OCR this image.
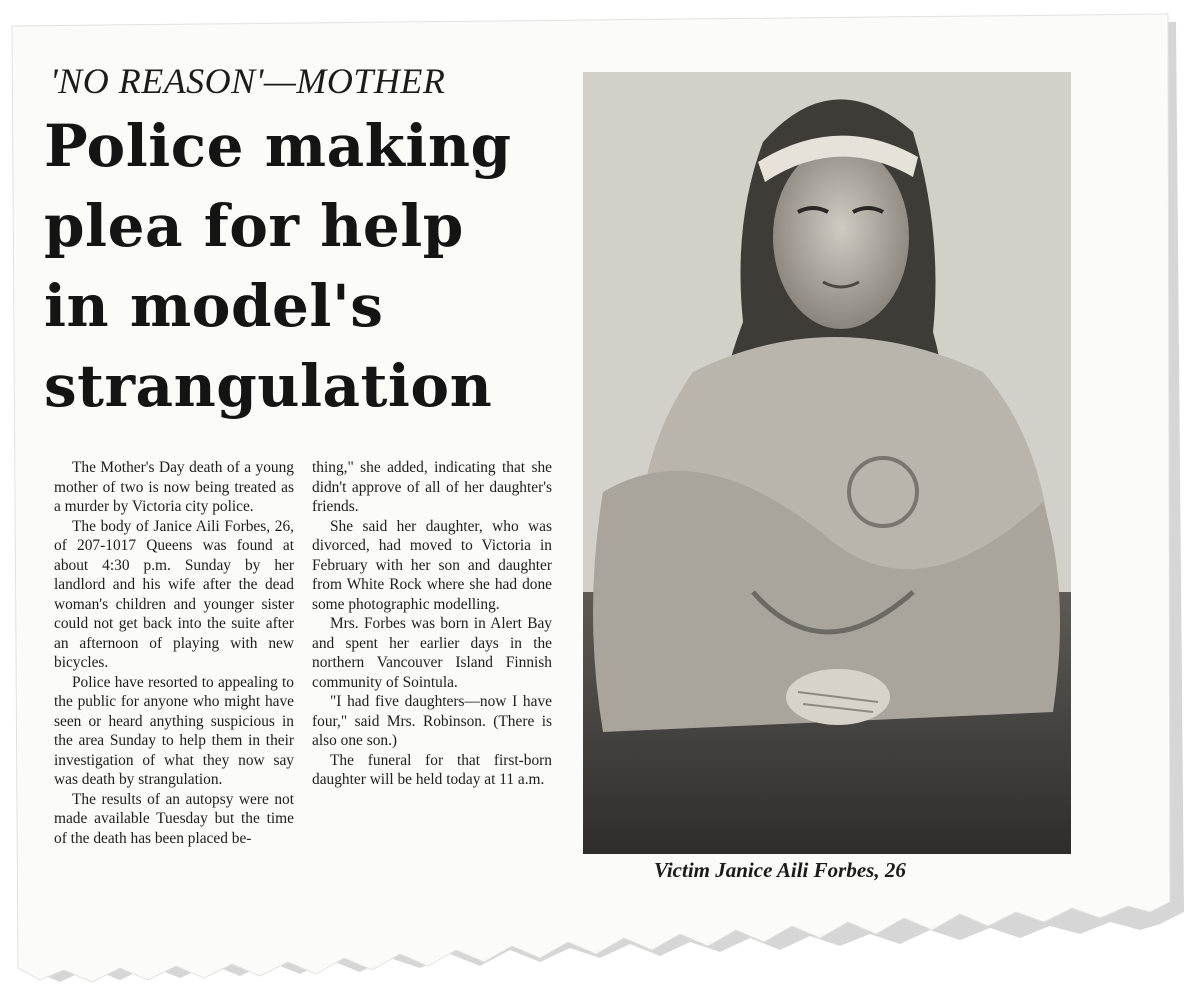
'NO REASON'—MOTHER
Police making
plea for help
in model's
strangulation

The Mother's Day death of a young mother of two is now being treated as a murder by Victoria city police.

The body of Janice Aili Forbes, 26, of 207-1017 Queens was found at about 4:30 p.m. Sunday by her landlord and his wife after the dead woman's children and younger sister could not get back into the suite after an afternoon of playing with new bicycles.

Police have resorted to appealing to the public for anyone who might have seen or heard anything suspicious in the area Sunday to help them in their investigation of what they now say was death by strangulation.

The results of an autopsy were not made available Tuesday but the time of the death has been placed be-

thing," she added, indicating that she didn't approve of all of her daughter's friends.

She said her daughter, who was divorced, had moved to Victoria in February with her son and daughter from White Rock where she had done some photographic modelling.

Mrs. Forbes was born in Alert Bay and spent her earlier days in the northern Vancouver Island Finnish community of Sointula.

"I had five daughters—now I have four," said Mrs. Robinson. (There is also one son.)

The funeral for that first-born daughter will be held today at 11 a.m.

Victim Janice Aili Forbes, 26
